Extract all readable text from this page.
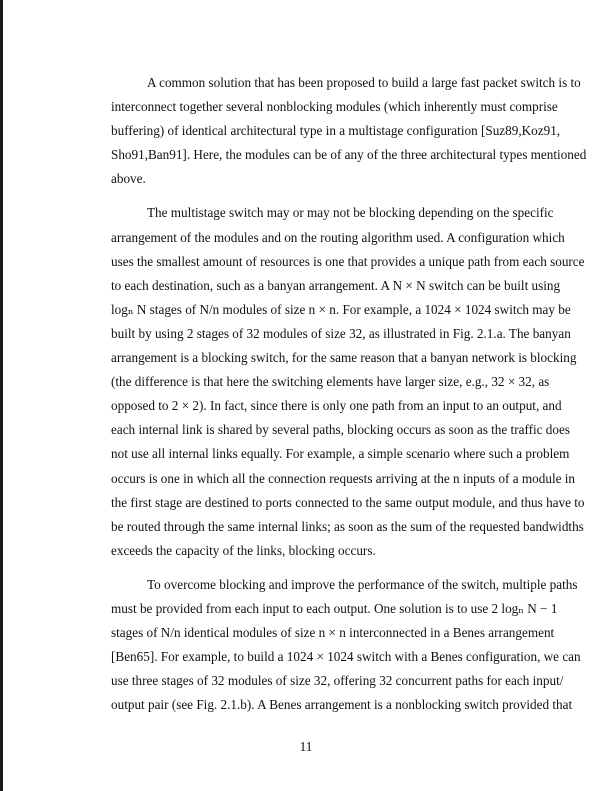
A common solution that has been proposed to build a large fast packet switch is to
interconnect together several nonblocking modules (which inherently must comprise
buffering) of identical architectural type in a multistage configuration [Suz89,Koz91,
Sho91,Ban91]. Here, the modules can be of any of the three architectural types mentioned
above.

The multistage switch may or may not be blocking depending on the specific
arrangement of the modules and on the routing algorithm used. A configuration which
uses the smallest amount of resources is one that provides a unique path from each source
to each destination, such as a banyan arrangement. A N × N switch can be built using
logₙ N stages of N/n modules of size n × n. For example, a 1024 × 1024 switch may be
built by using 2 stages of 32 modules of size 32, as illustrated in Fig. 2.1.a. The banyan
arrangement is a blocking switch, for the same reason that a banyan network is blocking
(the difference is that here the switching elements have larger size, e.g., 32 × 32, as
opposed to 2 × 2). In fact, since there is only one path from an input to an output, and
each internal link is shared by several paths, blocking occurs as soon as the traffic does
not use all internal links equally. For example, a simple scenario where such a problem
occurs is one in which all the connection requests arriving at the n inputs of a module in
the first stage are destined to ports connected to the same output module, and thus have to
be routed through the same internal links; as soon as the sum of the requested bandwidths
exceeds the capacity of the links, blocking occurs.

To overcome blocking and improve the performance of the switch, multiple paths
must be provided from each input to each output. One solution is to use 2 logₙ N − 1
stages of N/n identical modules of size n × n interconnected in a Benes arrangement
[Ben65]. For example, to build a 1024 × 1024 switch with a Benes configuration, we can
use three stages of 32 modules of size 32, offering 32 concurrent paths for each input/
output pair (see Fig. 2.1.b). A Benes arrangement is a nonblocking switch provided that

11
